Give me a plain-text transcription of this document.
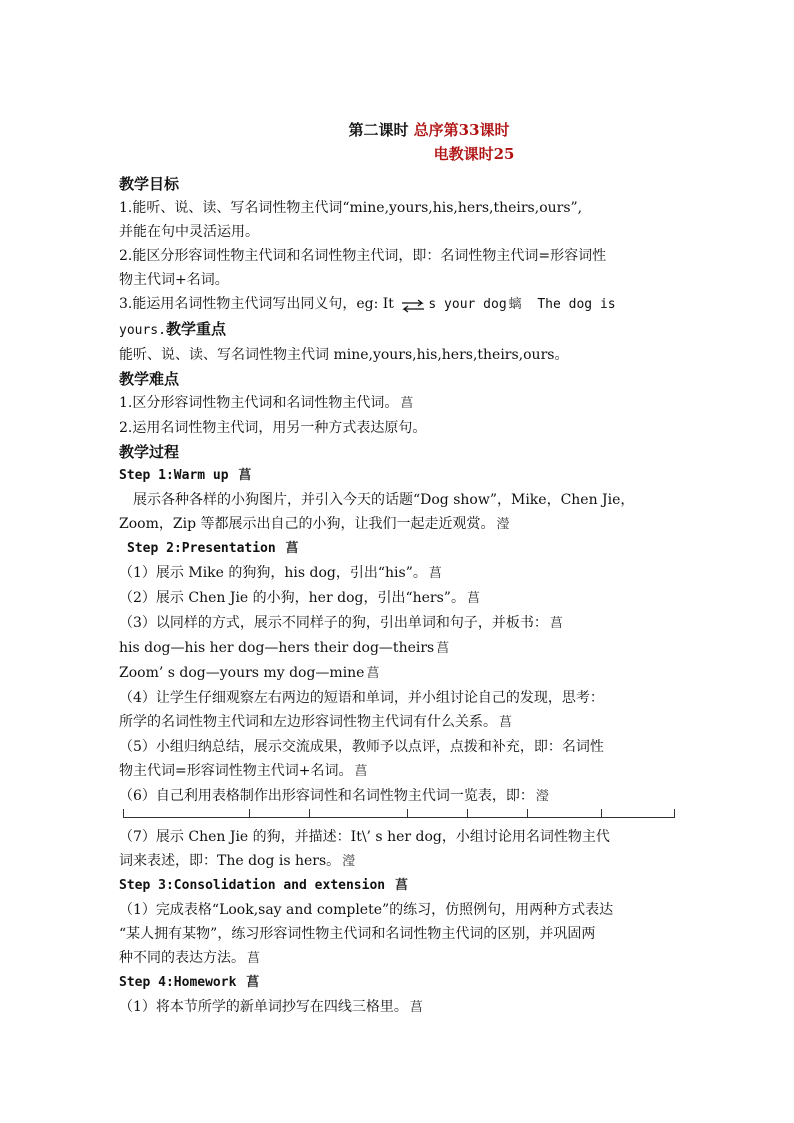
第二课时 总序第33课时
电教课时25

教学目标

1.能听、说、读、写名词性物主代词“mine,yours,his,hers,theirs,ours”,

并能在句中灵活运用。

2.能区分形容词性物主代词和名词性物主代词，即：名词性物主代词=形容词性

物主代词+名词。

3.能运用名词性物主代词写出同义句，eg: It s your dog 螭  The dog is

yours.教学重点

能听、说、读、写名词性物主代词 mine,yours,his,hers,theirs,ours。

教学难点

1.区分形容词性物主代词和名词性物主代词。 菖

2.运用名词性物主代词，用另一种方式表达原句。

教学过程

Step 1:Warm up 菖

展示各种各样的小狗图片，并引入今天的话题“Dog show”，Mike，Chen Jie，

Zoom，Zip 等都展示出自己的小狗，让我们一起走近观赏。 瀅

Step 2:Presentation 菖

（1）展示 Mike 的狗狗，his dog，引出“his”。 菖

（2）展示 Chen Jie 的小狗，her dog，引出“hers”。 菖

（3）以同样的方式，展示不同样子的狗，引出单词和句子，并板书： 菖

his dog—his her dog—hers their dog—theirs 菖

Zoom’ s dog—yours my dog—mine 菖

（4）让学生仔细观察左右两边的短语和单词，并小组讨论自己的发现，思考：

所学的名词性物主代词和左边形容词性物主代词有什么关系。 菖

（5）小组归纳总结，展示交流成果，教师予以点评，点拨和补充，即：名词性

物主代词=形容词性物主代词+名词。 菖

（6）自己利用表格制作出形容词性和名词性物主代词一览表，即： 瀅

（7）展示 Chen Jie 的狗，并描述：It\’ s her dog，小组讨论用名词性物主代

词来表述，即：The dog is hers。 瀅

Step 3:Consolidation and extension 菖

（1）完成表格“Look,say and complete”的练习，仿照例句，用两种方式表达

“某人拥有某物”，练习形容词性物主代词和名词性物主代词的区别，并巩固两

种不同的表达方法。 菖

Step 4:Homework 菖

（1）将本节所学的新单词抄写在四线三格里。 菖
